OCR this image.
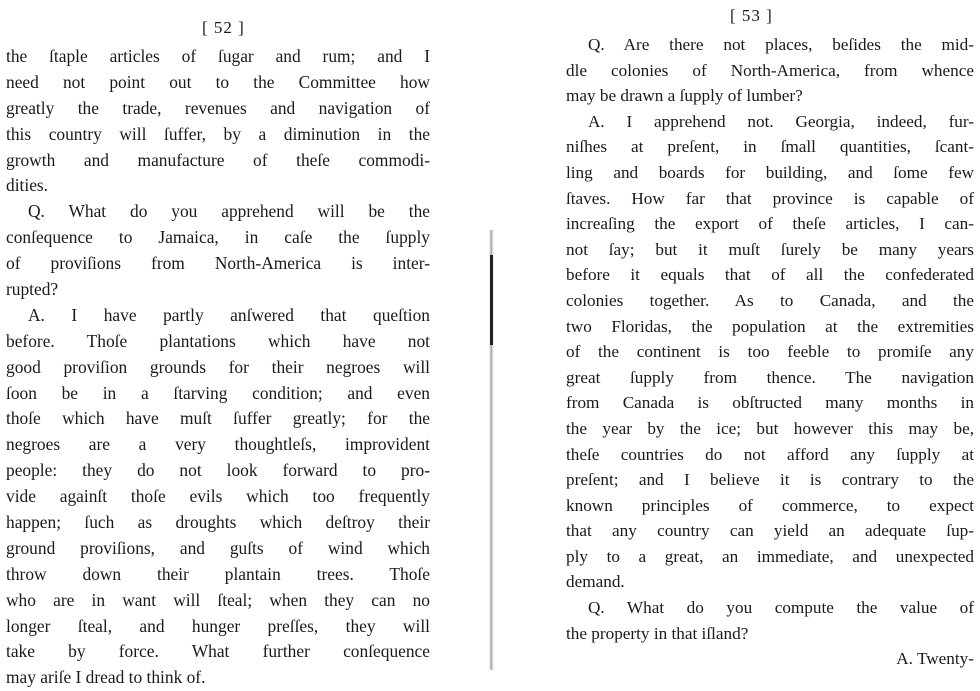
[ 52 ]
the ſtaple articles of ſugar and rum; and I
need not point out to the Committee how
greatly the trade, revenues and navigation of
this country will ſuffer, by a diminution in the
growth and manufacture of theſe commodi-
dities.
Q. What do you apprehend will be the
conſequence to Jamaica, in caſe the ſupply
of proviſions from North-America is inter-
rupted?
A. I have partly anſwered that queſtion
before. Thoſe plantations which have not
good proviſion grounds for their negroes will
ſoon be in a ſtarving condition; and even
thoſe which have muſt ſuffer greatly; for the
negroes are a very thoughtleſs, improvident
people: they do not look forward to pro-
vide againſt thoſe evils which too frequently
happen; ſuch as droughts which deſtroy their
ground proviſions, and guſts of wind which
throw down their plantain trees. Thoſe
who are in want will ſteal; when they can no
longer ſteal, and hunger preſſes, they will
take by force. What further conſequence
may ariſe I dread to think of.
[ 53 ]
Q. Are there not places, beſides the mid-
dle colonies of North-America, from whence
may be drawn a ſupply of lumber?
A. I apprehend not. Georgia, indeed, fur-
niſhes at preſent, in ſmall quantities, ſcant-
ling and boards for building, and ſome few
ſtaves. How far that province is capable of
increaſing the export of theſe articles, I can-
not ſay; but it muſt ſurely be many years
before it equals that of all the confederated
colonies together. As to Canada, and the
two Floridas, the population at the extremities
of the continent is too feeble to promiſe any
great ſupply from thence. The navigation
from Canada is obſtructed many months in
the year by the ice; but however this may be,
theſe countries do not afford any ſupply at
preſent; and I believe it is contrary to the
known principles of commerce, to expect
that any country can yield an adequate ſup-
ply to a great, an immediate, and unexpected
demand.
Q. What do you compute the value of
the property in that iſland?
A. Twenty-
